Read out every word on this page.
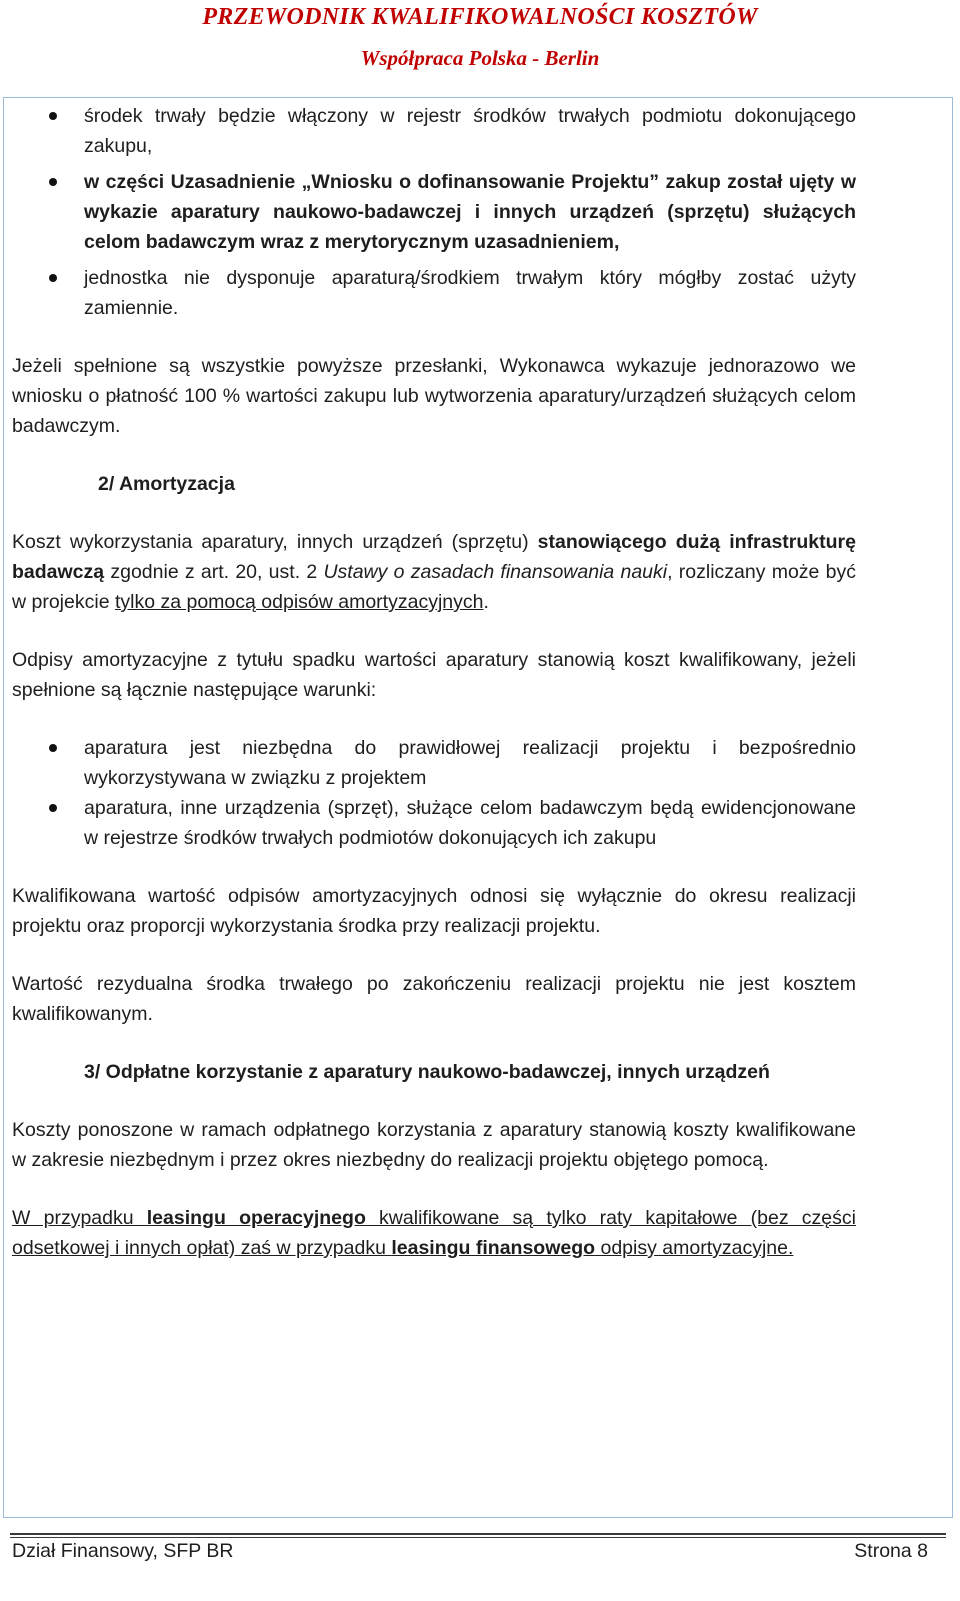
PRZEWODNIK KWALIFIKOWALNOŚCI KOSZTÓW
Współpraca Polska - Berlin
środek trwały będzie włączony w rejestr środków trwałych podmiotu dokonującego zakupu,
w części Uzasadnienie „Wniosku o dofinansowanie Projektu” zakup został ujęty w wykazie aparatury naukowo-badawczej i innych urządzeń (sprzętu) służących celom badawczym wraz z merytorycznym uzasadnieniem,
jednostka nie dysponuje aparaturą/środkiem trwałym który mógłby zostać użyty zamiennie.

Jeżeli spełnione są wszystkie powyższe przesłanki, Wykonawca wykazuje jednorazowo we wniosku o płatność 100 % wartości zakupu lub wytworzenia aparatury/urządzeń służących celom badawczym.

2/ Amortyzacja

Koszt wykorzystania aparatury, innych urządzeń (sprzętu) stanowiącego dużą infrastrukturę badawczą zgodnie z art. 20, ust. 2 Ustawy o zasadach finansowania nauki, rozliczany może być w projekcie tylko za pomocą odpisów amortyzacyjnych.

Odpisy amortyzacyjne z tytułu spadku wartości aparatury stanowią koszt kwalifikowany, jeżeli spełnione są łącznie następujące warunki:

aparatura jest niezbędna do prawidłowej realizacji projektu i bezpośrednio wykorzystywana w związku z projektem
aparatura, inne urządzenia (sprzęt), służące celom badawczym będą ewidencjonowane w rejestrze środków trwałych podmiotów dokonujących ich zakupu

Kwalifikowana wartość odpisów amortyzacyjnych odnosi się wyłącznie do okresu realizacji projektu oraz proporcji wykorzystania środka przy realizacji projektu.

Wartość rezydualna środka trwałego po zakończeniu realizacji projektu nie jest kosztem kwalifikowanym.

3/ Odpłatne korzystanie z aparatury naukowo-badawczej, innych urządzeń

Koszty ponoszone w ramach odpłatnego korzystania z aparatury stanowią koszty kwalifikowane w zakresie niezbędnym i przez okres niezbędny do realizacji projektu objętego pomocą.

W przypadku leasingu operacyjnego kwalifikowane są tylko raty kapitałowe (bez części odsetkowej i innych opłat) zaś w przypadku leasingu finansowego odpisy amortyzacyjne.

Dział Finansowy, SFP BR	Strona 8
